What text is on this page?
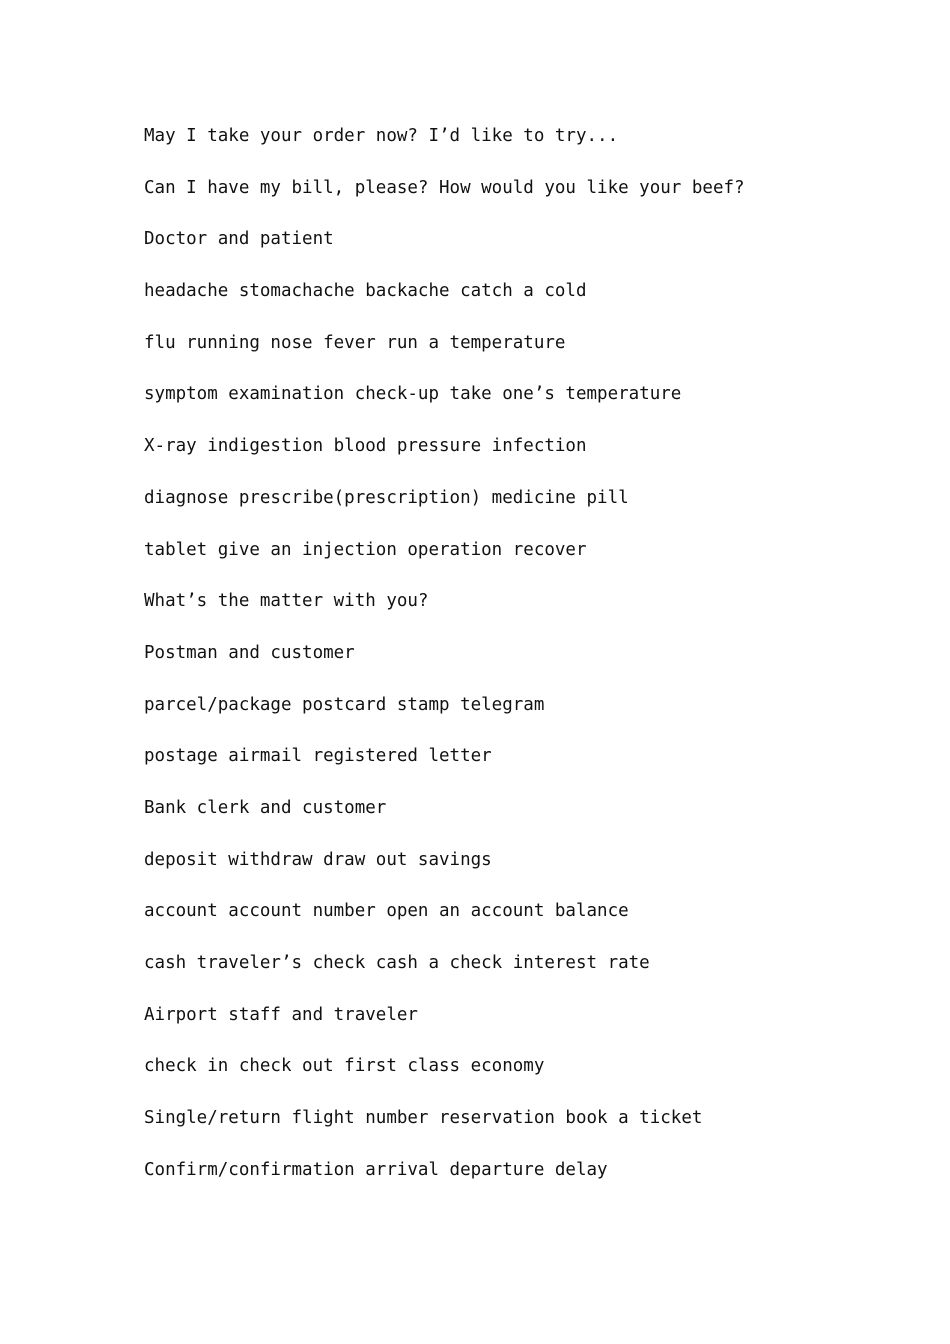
May I take your order now? I’d like to try...
Can I have my bill, please? How would you like your beef?
Doctor and patient
headache stomachache backache catch a cold
flu running nose fever run a temperature
symptom examination check-up take one’s temperature
X-ray indigestion blood pressure infection
diagnose prescribe(prescription) medicine pill
tablet give an injection operation recover
What’s the matter with you?
Postman and customer
parcel/package postcard stamp telegram
postage airmail registered letter
Bank clerk and customer
deposit withdraw draw out savings
account account number open an account balance
cash traveler’s check cash a check interest rate
Airport staff and traveler
check in check out first class economy
Single/return flight number reservation book a ticket
Confirm/confirmation arrival departure delay
